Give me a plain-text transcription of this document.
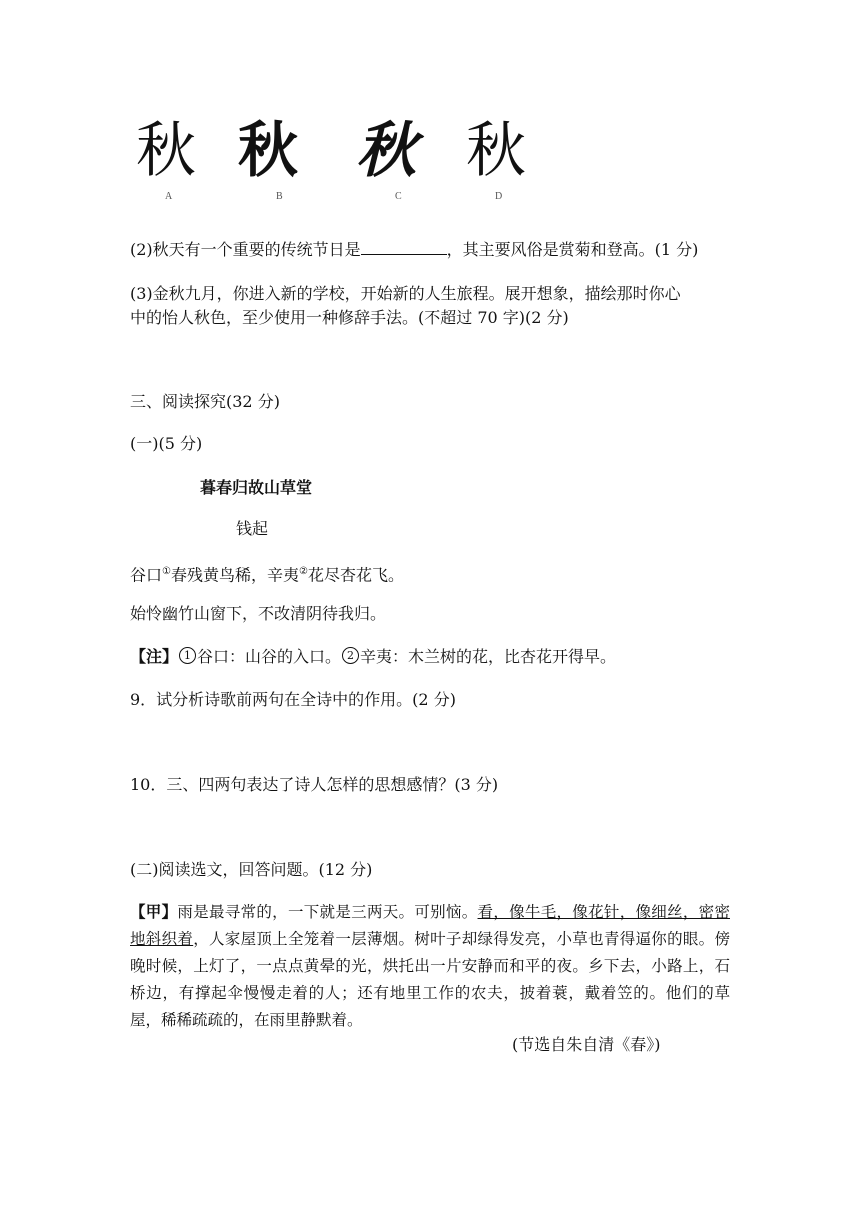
秋 秋 秋 秋
A	B	C	D
(2)秋天有一个重要的传统节日是	，其主要风俗是赏菊和登高。(1 分)
(3)金秋九月，你进入新的学校，开始新的人生旅程。展开想象，描绘那时你心
中的怡人秋色，至少使用一种修辞手法。(不超过 70 字)(2 分)
三、阅读探究(32 分)
(一)(5 分)
暮春归故山草堂
钱起
谷口①春残黄鸟稀，辛夷②花尽杏花飞。
始怜幽竹山窗下，不改清阴待我归。
【注】 1 谷口：山谷的入口。 2 辛夷：木兰树的花，比杏花开得早。
9．试分析诗歌前两句在全诗中的作用。(2 分)
10．三、四两句表达了诗人怎样的思想感情？(3 分)
(二)阅读选文，回答问题。(12 分)
【甲】雨是最寻常的，一下就是三两天。可别恼。看，像牛毛，像花针，像细丝，密密地斜织着，人家屋顶上全笼着一层薄烟。树叶子却绿得发亮，小草也青得逼你的眼。傍晚时候，上灯了，一点点黄晕的光，烘托出一片安静而和平的夜。乡下去，小路上，石桥边，有撑起伞慢慢走着的人；还有地里工作的农夫，披着蓑，戴着笠的。他们的草屋，稀稀疏疏的，在雨里静默着。
(节选自朱自清《春》)
